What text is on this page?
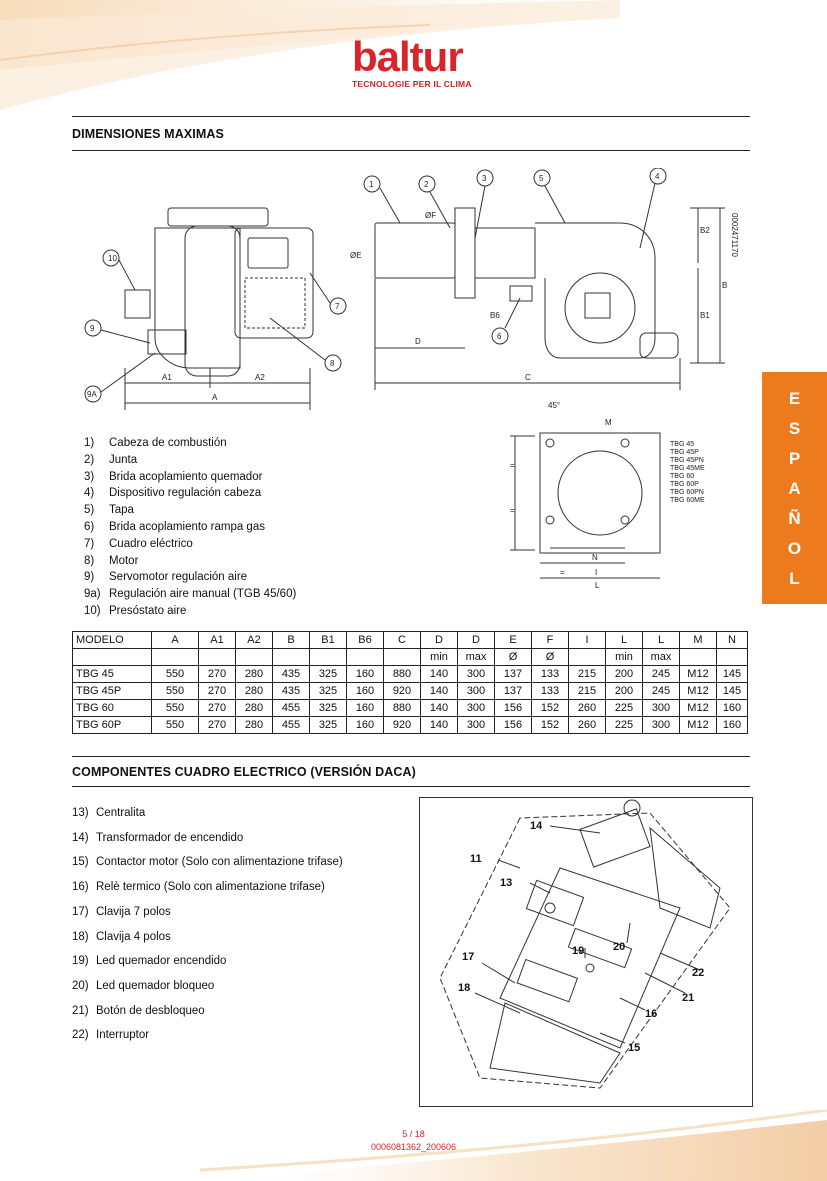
baltur
TECNOLOGIE PER IL CLIMA
DIMENSIONES MAXIMAS
10
9
9A
7
8
1	2
3	5	4
6
A1	A2
A
D
C
B
B1
B2
B6
ØE
ØF
M
N
I
L
45°
=
=
=
0002471170
TBG 45
TBG 45P
TBG 45PN
TBG 45ME
TBG 60
TBG 60P
TBG 60PN
TBG 60ME
E
S
P
A
Ñ
O
L
1)	Cabeza de combustión
2)	Junta
3)	Brida acoplamiento quemador
4)	Dispositivo regulación cabeza
5)	Tapa
6)	Brida acoplamiento rampa gas
7)	Cuadro eléctrico
8)	Motor
9)	Servomotor regulación aire
9a) Regulación aire manual (TGB 45/60)
10) Presóstato aire
MODELO	A	A1	A2	B	B1	B6	C	D	D	E	F	I	L	L	M	N
								min	max	Ø	Ø		min	max		
TBG 45	550	270	280	435	325	160	880	140	300	137	133	215	200	245	M12	145
TBG 45P	550	270	280	435	325	160	920	140	300	137	133	215	200	245	M12	145
TBG 60	550	270	280	455	325	160	880	140	300	156	152	260	225	300	M12	160
TBG 60P	550	270	280	455	325	160	920	140	300	156	152	260	225	300	M12	160
COMPONENTES CUADRO ELECTRICO (VERSIÓN DACA)
13) Centralita
14) Transformador de encendido
15) Contactor motor (Solo con alimentazione trifase)
16) Relè termico (Solo con alimentazione trifase)
17) Clavija 7 polos
18) Clavija 4 polos
19) Led quemador encendido
20) Led quemador bloqueo
21) Botón de desbloqueo
22) Interruptor
14
11
13
17
18
19	20
22
21
16
15
5 / 18
0006081362_200606
